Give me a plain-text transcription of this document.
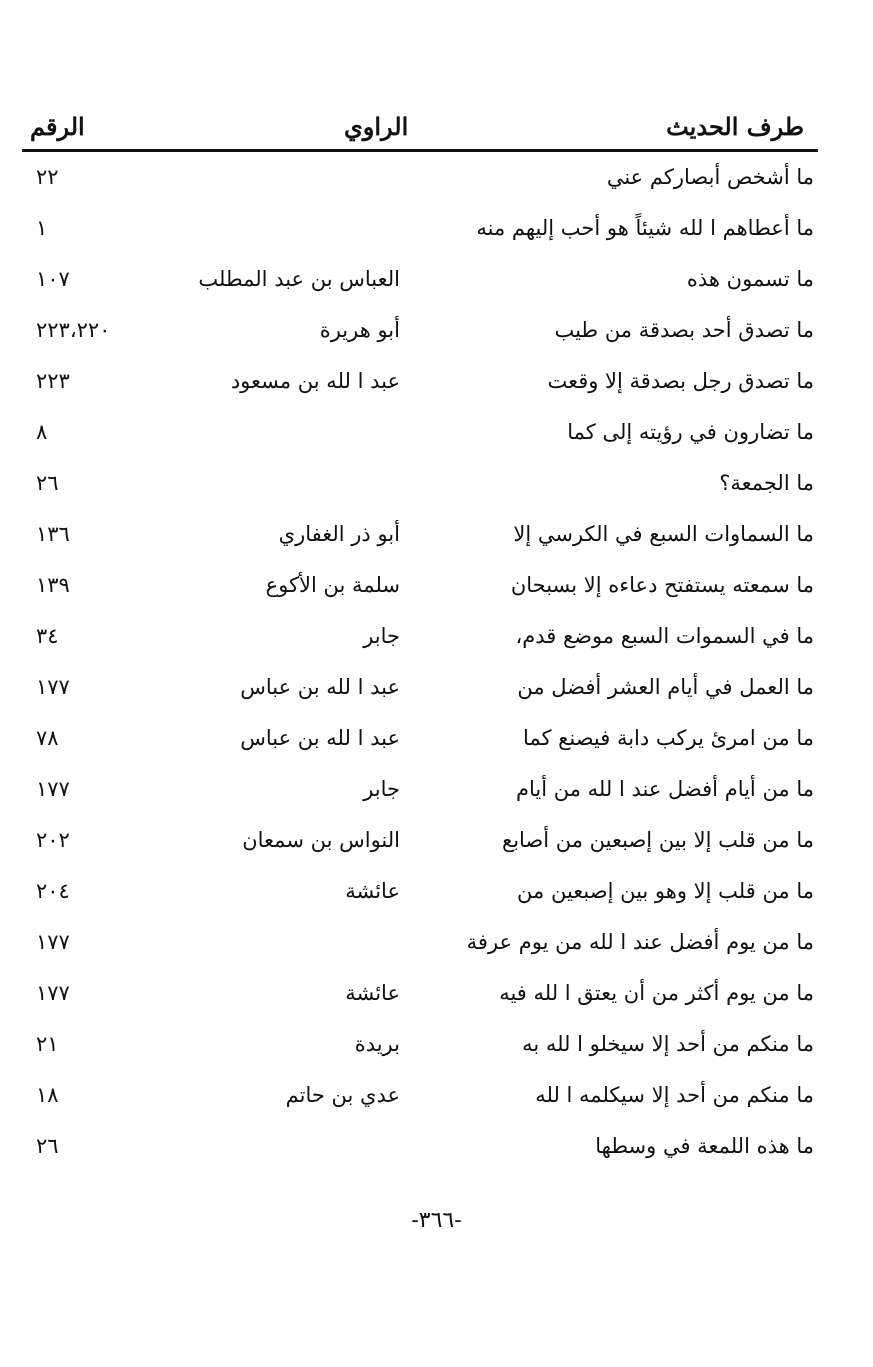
طرف الحديث
الراوي
الرقم
ما أشخص أبصاركم عني
٢٢
ما أعطاهم ا لله شيئاً هو أحب إليهم منه
١
ما تسمون هذه
العباس بن عبد المطلب
١٠٧
ما تصدق أحد بصدقة من طيب
أبو هريرة
٢٢٣،٢٢٠
ما تصدق رجل بصدقة إلا وقعت
عبد ا لله بن مسعود
٢٢٣
ما تضارون في رؤيته إلى كما
٨
ما الجمعة؟
٢٦
ما السماوات السبع في الكرسي إلا
أبو ذر الغفاري
١٣٦
ما سمعته يستفتح دعاءه إلا بسبحان
سلمة بن الأكوع
١٣٩
ما في السموات السبع موضع قدم،
جابر
٣٤
ما العمل في أيام العشر أفضل من
عبد ا لله بن عباس
١٧٧
ما من امرئ يركب دابة فيصنع كما
عبد ا لله بن عباس
٧٨
ما من أيام أفضل عند ا لله من أيام
جابر
١٧٧
ما من قلب إلا بين إصبعين من أصابع
النواس بن سمعان
٢٠٢
ما من قلب إلا وهو بين إصبعين من
عائشة
٢٠٤
ما من يوم أفضل عند ا لله من يوم عرفة
١٧٧
ما من يوم أكثر من أن يعتق ا لله فيه
عائشة
١٧٧
ما منكم من أحد إلا سيخلو ا لله به
بريدة
٢١
ما منكم من أحد إلا سيكلمه ا لله
عدي بن حاتم
١٨
ما هذه اللمعة في وسطها
٢٦
-٣٦٦-
